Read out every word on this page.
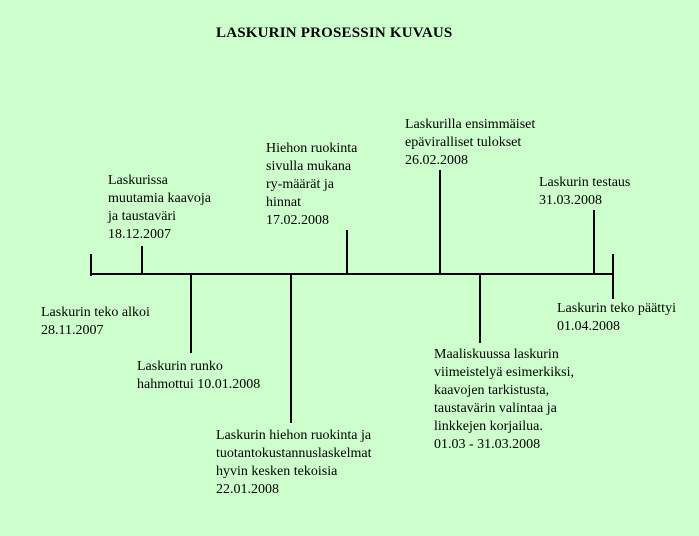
LASKURIN PROSESSIN KUVAUS
Laskurin teko alkoi
28.11.2007
Laskurissa
muutamia kaavoja
ja taustaväri
18.12.2007
Laskurin runko
hahmottui 10.01.2008
Laskurin hiehon ruokinta ja
tuotantokustannuslaskelmat
hyvin kesken tekoisia
22.01.2008
Hiehon ruokinta
sivulla mukana
ry-määrät ja
hinnat
17.02.2008
Laskurilla ensimmäiset
epäviralliset tulokset
26.02.2008
Maaliskuussa laskurin
viimeistelyä esimerkiksi,
kaavojen tarkistusta,
taustavärin valintaa ja
linkkejen korjailua.
01.03 - 31.03.2008
Laskurin testaus
31.03.2008
Laskurin teko päättyi
01.04.2008
